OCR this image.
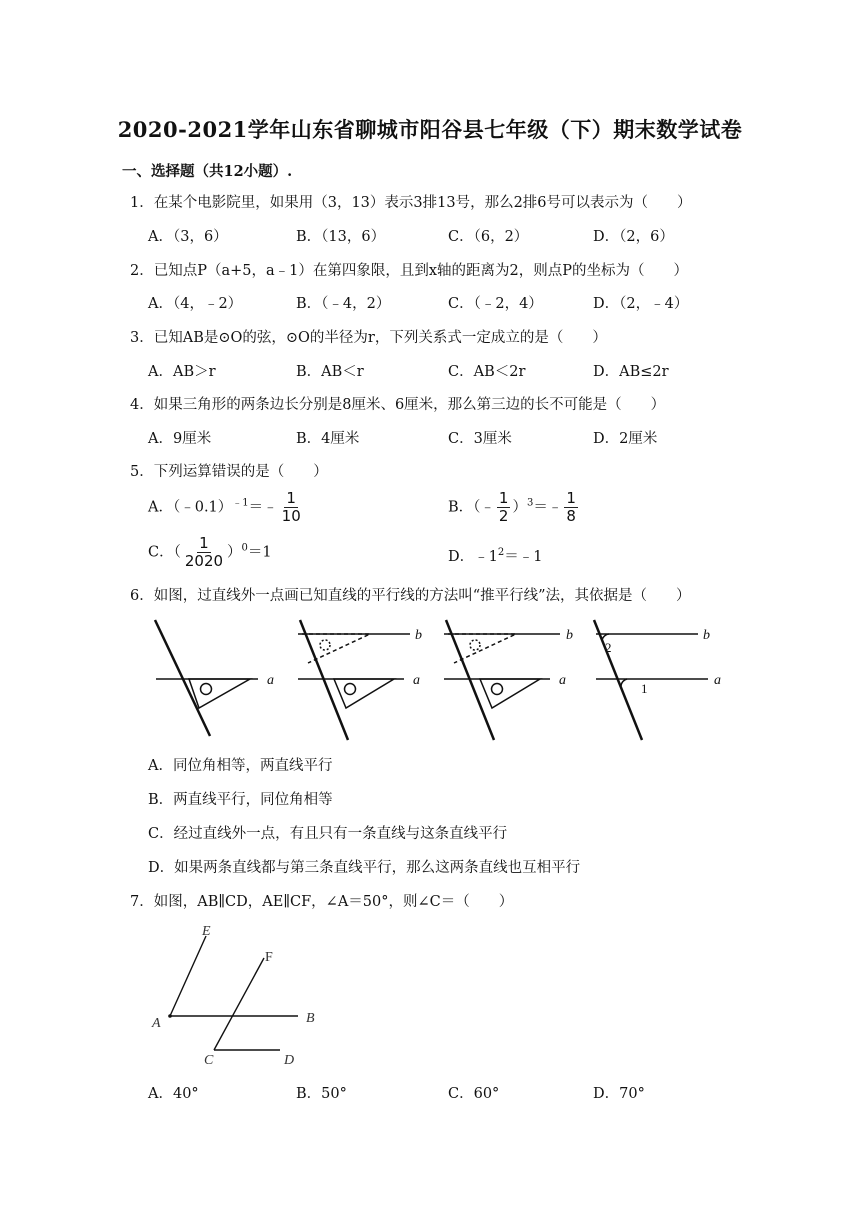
2020-2021学年山东省聊城市阳谷县七年级（下）期末数学试卷
一、选择题（共12小题）.
1．在某个电影院里，如果用（3，13）表示3排13号，那么2排6号可以表示为（　　）
A．（3，6）	B．（13，6）	C．（6，2）	D．（2，6）
2．已知点P（a+5，a﹣1）在第四象限，且到x轴的距离为2，则点P的坐标为（　　）
A．（4，﹣2）	B．（﹣4，2）	C．（﹣2，4）	D．（2，﹣4）
3．已知AB是⊙O的弦，⊙O的半径为r，下列关系式一定成立的是（　　）
A．AB＞r	B．AB＜r	C．AB＜2r	D．AB≤2r
4．如果三角形的两条边长分别是8厘米、6厘米，那么第三边的长不可能是（　　）
A．9厘米	B．4厘米	C．3厘米	D．2厘米
5．下列运算错误的是（　　）
A．（﹣0.1）$^{﹣1}$＝﹣ $\frac{1}{10}$	B．（﹣ $\frac{1}{2}$ ）$^3$＝﹣ $\frac{1}{8}$
C．（ $\frac{1}{2020} )^0=1$	D．$﹣1^2=﹣1$
6．如图，过直线外一点画已知直线的平行线的方法叫“推平行线”法，其依据是（　　）
a	a
b
a
b
a
b
2
1
A．同位角相等，两直线平行
B．两直线平行，同位角相等
C．经过直线外一点，有且只有一条直线与这条直线平行
D．如果两条直线都与第三条直线平行，那么这两条直线也互相平行
7．如图，AB∥CD，AE∥CF，∠A＝50°，则∠C＝（　　）
E
A	B
C	D
F
A．40°	B．50°	C．60°	D．70°
